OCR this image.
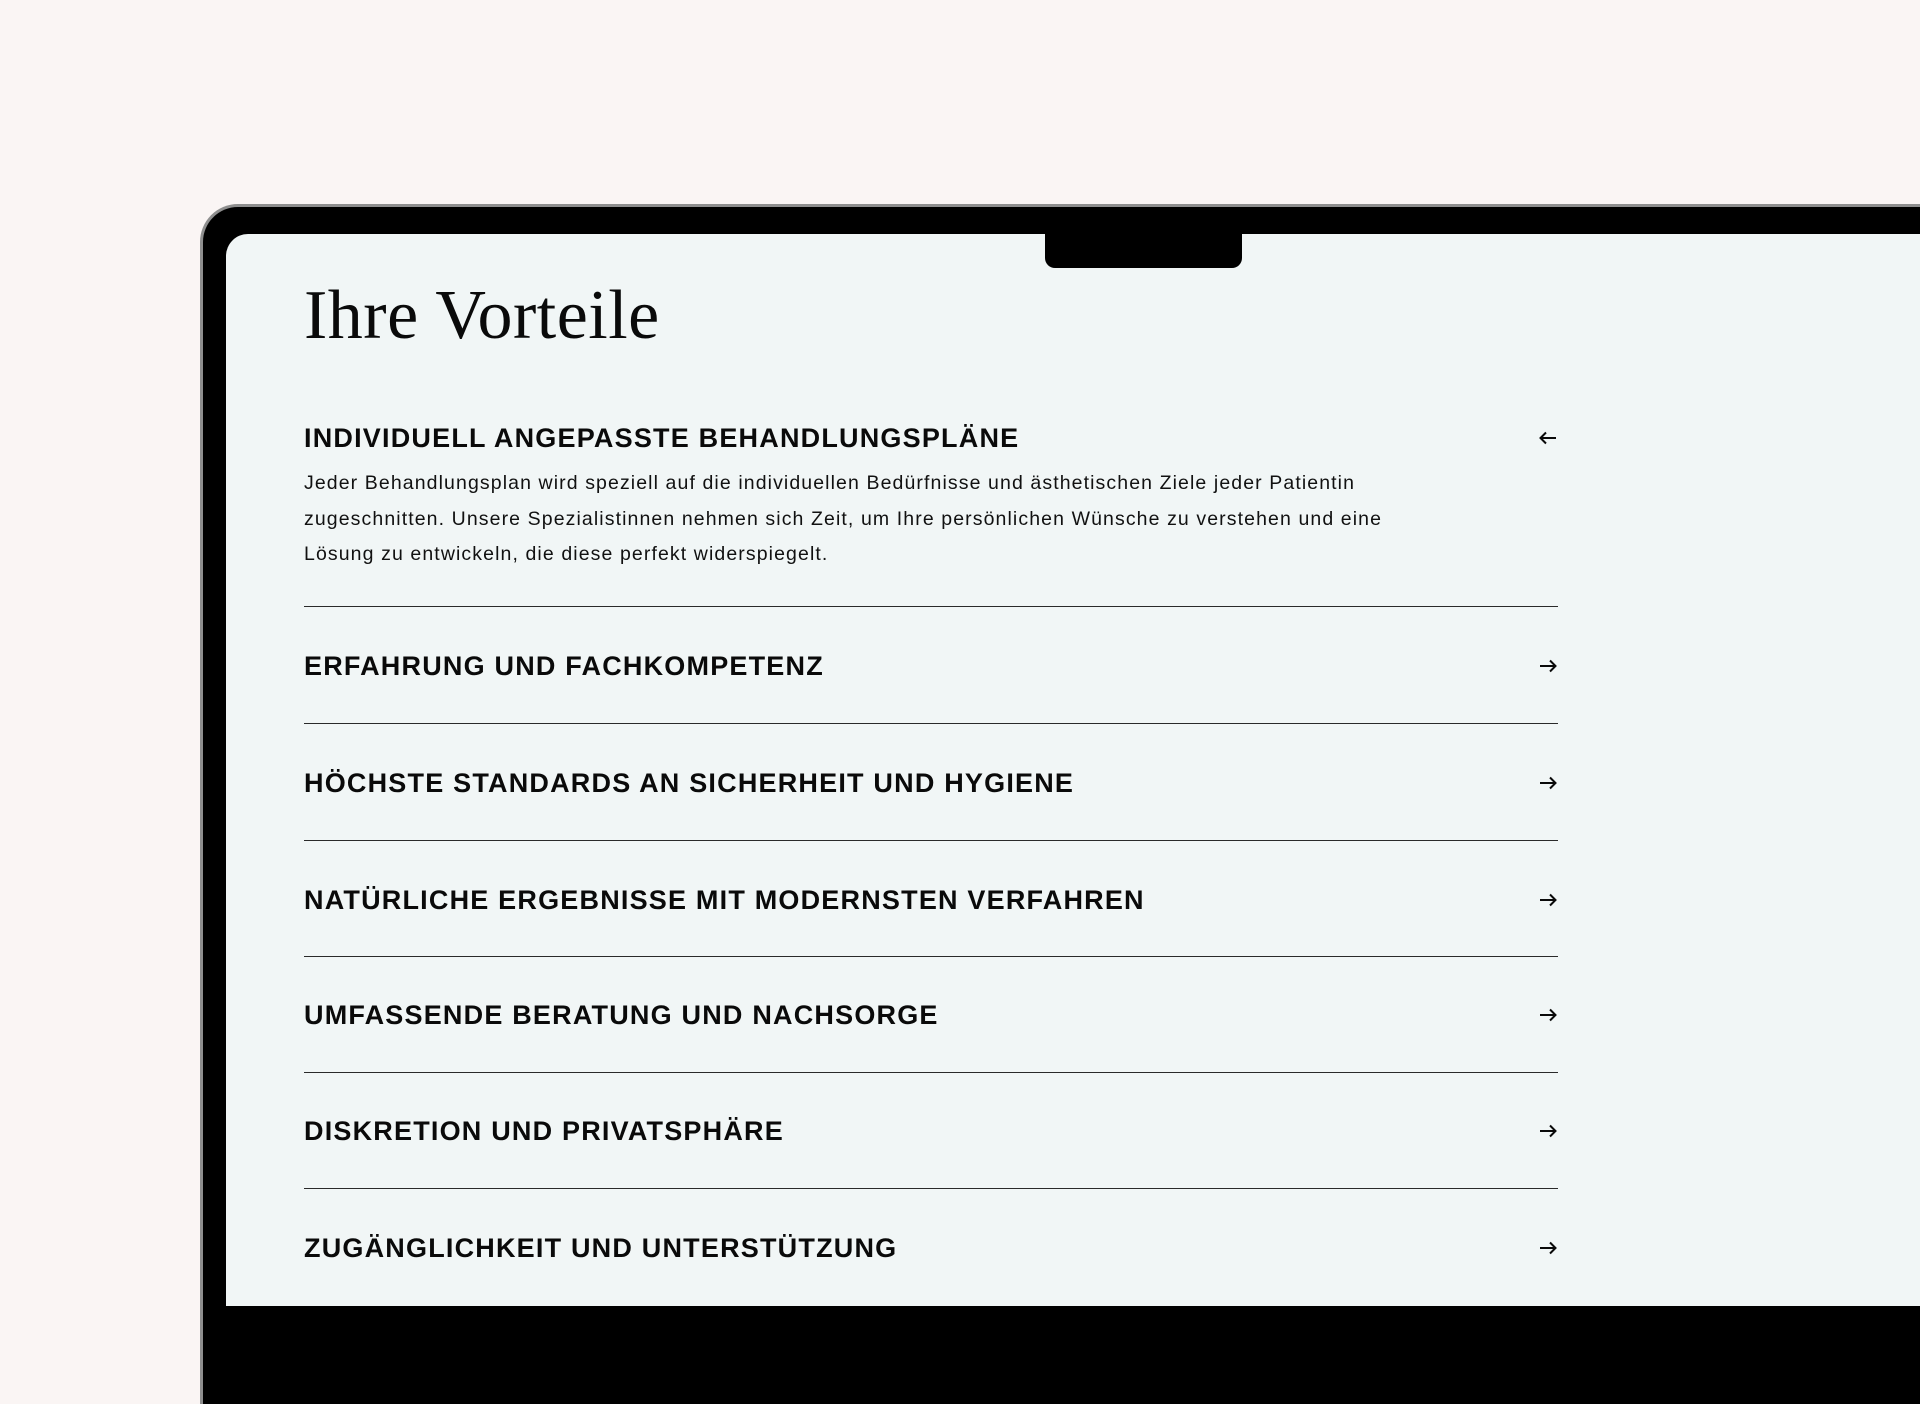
Ihre Vorteile
INDIVIDUELL ANGEPASSTE BEHANDLUNGSPLÄNE
Jeder Behandlungsplan wird speziell auf die individuellen Bedürfnisse und ästhetischen Ziele jeder Patientin zugeschnitten. Unsere Spezialistinnen nehmen sich Zeit, um Ihre persönlichen Wünsche zu verstehen und eine Lösung zu entwickeln, die diese perfekt widerspiegelt.
ERFAHRUNG UND FACHKOMPETENZ
HÖCHSTE STANDARDS AN SICHERHEIT UND HYGIENE
NATÜRLICHE ERGEBNISSE MIT MODERNSTEN VERFAHREN
UMFASSENDE BERATUNG UND NACHSORGE
DISKRETION UND PRIVATSPHÄRE
ZUGÄNGLICHKEIT UND UNTERSTÜTZUNG
